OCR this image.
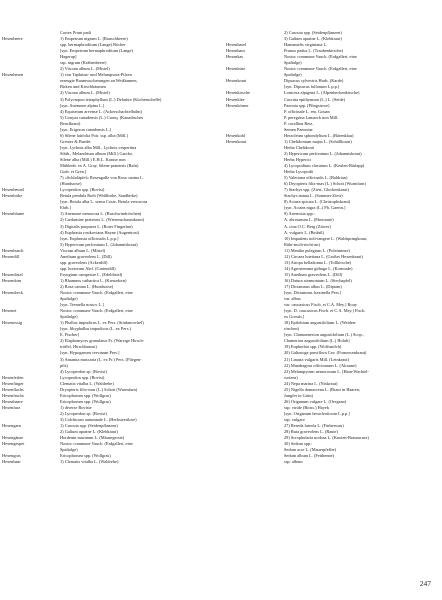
Cortex Pruni padi
Hexenbeere	1) Empetrum nigrum L. (Rauschbeere)
spp. hermaphroditum (Lange) Böcher
[syn. Empetrum hermaphroditum (Lange)
Hagerup]
ssp. nigrum (Krähenbeere)
2) Viscum album L. (Mistel)
Hexenbesen	1) von Taphrina- und Melampsora-Pilzen
erzeugte Baumwucherungen an Weißtannen,
Birken und Kirschbäumen
2) Viscum album L. (Mistel)
3) Polycarpon tetraphyllum (L.) Delarbre (Küchenschelle)
[syn. Anemone alpina L.]
4) Equisetum arvense L. (Ackerschachtelhalm)
5) Conyza canadensis (L.) Cronq. (Kanadisches
Berufkraut)
[syn. Erigeron canadensis L.]
6) Silene latifolia Poir. ssp. alba (Mill.)
Greuter & Burdet
[syn. Lychnis alba Mill., Lychnis vespertina
Sibth., Melandrium album (Mill.) Garcke,
Silene alba (Mill.) E.H.L. Krause non
Mühlenb. ex A. Gray, Silene pratensis (Rafn)
Godr. et Gren.]
7) »Schlafäpfel« Rosengalle von Rosa canina L.
(Hundsrose)
Hexenbeutel	Lycoperdon spp. (Bovist)
Hexenbirke	Betula pendula Roth (Weißbirke, Sandbirke)
[syn. Betula alba L. sensu Coste, Betula verrucosa
Ehrh.]
Hexenblume	1) Anemone nemorosa L. (Buschwindröschen)
2) Cardamine pratensis L. (Wiesenschaumkraut)
3) Digitalis purpurea L. (Roter Fingerhut)
4) Euphrasia rostkoviana Hayne (Augentrost)
[syn. Euphrasia officinalis L.p.p.]
5) Hypericum perforatum L. (Johanniskraut)
Hexenbusch	Viscum album L. (Mistel)
Hexendill	Anethum graveolens L. (Dill)
spp. graveolens (Ackerdill)
spp. hortorum Alef. (Gartendill)
Hexendistel	Eryngium campestre L. (Edeldistel)
Hexendorn	1) Rhamnus cathartica L. (Kreuzdorn)
2) Rosa canina L. (Hundsrose)
Hexendreck	Nostoc commune Vauch. (Erdgallert, eine
Spaltalge)
[syn. Tremella nostoc L.]
Hexenei	Nostoc commune Vauch. (Erdgallert, eine
Spaltalge)
Hexenessig	1) Phallus impudicus L. ex Pers. (Stinkmorchel)
[syn. Ithyphallus impudicus (L. ex Pers.)
E. Fischer]
2) Elaphomyces granulatus Fr. (Warzige Hirsch-
trüffel, Hirschbrunst)
[syn. Hypogaeum cervinum Pers.]
3) Amanita muscaria (L. ex Fr.) Pers. (Fliegen-
pilz)
4) Lycoperdon sp. (Bovist)
Hexenfeifen	Lycoperdon spp. (Bovist)
Hexenfinger	Clematis vitalba L. (Waldrebe)
Hexenflachs	Dryopteris filix-mas (L.) Schott (Wurmfarn)
Hexenfrucht	Ericophorum spp. (Wollgras)
Hexenhaare	Ericophorum spp. (Wollgras)
Hexenfurz	1) diverse Boviste
2) Lycoperdon sp. (Bovist)
3) Colchicum autumnale L. (Herbstzeitlose)
Hexengarn	1) Cuscuta spp. (Seidenpflanzen)
2) Galium aparine L. (Klebkraut)
Hexengänse	Hordeum murinum L. (Mäusegerste)
Hexengespei	Nostoc commune Vauch. (Erdgallert, eine
Spaltalge)
Hexengras	Ericophorum spp. (Wollgras)
Hexenhaar	1) Clematis vitalba L. (Waldrebe)
2) Cuscuta spp. (Seidenpflanzen)
3) Galium aparine L. (Klebkraut)
Hexenhasel	Hamamelis virginiana L.
Hexenhaut	Prunus padus L. (Traubenkirsche)
Hexenkas	Nostoc commune Vauch. (Erdgallert, eine
Spaltalge)
Hexenküse	Nostoc commune Vauch. (Erdgallert, eine
Spaltalge)
Hexenkraut	Dipsacus sylvestris Huds. (Karde)
[syn. Dipsacus fullonum L.p.p.]
Hexenkirsche	Lonicera alpigena L. (Alpenheckenkirsche)
Hexenklee	Cuscuta epithymum (L.) L. (Seide)
Hexenkörner	Paeonia spp. (Pfingstrose)
P. officinale L. em. Gouan
P. peregrina Lamarck non Mill.
P. corallina Retz.
Semen Paeoniae
Hexenkohl	Heracleum sphondylium L. (Bärenklau)
Hexenkraut	1) Chelidonium majus L. (Schöllkraut)
Herba Chelidonii
2) Hypericum perforatum L. (Johanniskraut)
Herba Hyperici
4) Lycopodium clavatum L. (Keulen-Bärlapp)
Herba Lycopodii
5) Valeriana officinalis L. (Baldrian)
6) Dryopteris filix-mas (L.) Schott (Wurmfarn)
7) Stachys spp. (Ziest, Glockenkraut)
Stachys annua L. (Sommer-Ziest)
8) Actaea spicata L. (Christophskraut)
[syn. Actaea nigra (L.) Ph. Gaertn.]
9) Artemisia spp.:
A. abrotanum L. (Eberraute)
A. cina O.C. Berg (Zitwer)
A. vulgaris L. (Beifuß)
10) Impatiens noli-tangere L. (Waldspringkraut,
Rühr-mich-nicht-an)
11) Mentha pulegium L. (Poleiminze)
12) Circaea lutetiana L. (Großes Hexenkraut)
13) Atropa belladonna L. (Tollkirsche)
14) Agrostemma githago L. (Kornrade)
15) Anethum graveolens L. (Dill)
16) Datura stramonium L. (Stechapfel)
17) Dictamnus albus L. (Diptam)
[syn. Dictamnus fraxinella Pers.]
var. albus
var. caucasicus Fisch. et C.A. Mey.] Rouy
[syn. D. caucasicus Fisch. et C.A. Mey.] Fisch.
ex Grossh.]
18) Epilobium angustifolium L. (Weiden-
röschen)
[syn. Chamaenerion angustifolium (L.) Scop.,
Chamerion angustifolium (L.) Holub]
19) Euphorbia spp. (Wolfsmilch)
20) Galinsoga parviflora Cav. (Franzosenkraut)
21) Linaria vulgaris Mill. (Leinkraut)
22) Mandragora officinarum L. (Alraune)
23) Melampyrum nemorosum L. (Hain-Wachtel-
weizen)
24) Nepa marina L. (Nixkraut)
25) Nigella damascena L. (Braut in Haaren,
Jungfer in Grün)
26) Origanum vulgare L. (Oregano)
ssp. viride (Boiss.) Hayek
[syn. Origanum heracleoticum L.p.p.]
ssp. vulgare
27) Reseda luteola L. (Färberwau)
28) Ruta graveolens L. (Raute)
29) Scrophularia nodosa L. (Knoten-Braunwurz)
30) Sedum spp.:
Sedum acre L. (Mauerpfeffer)
Sedum album L. (Fetthenne)
ssp. album
247
